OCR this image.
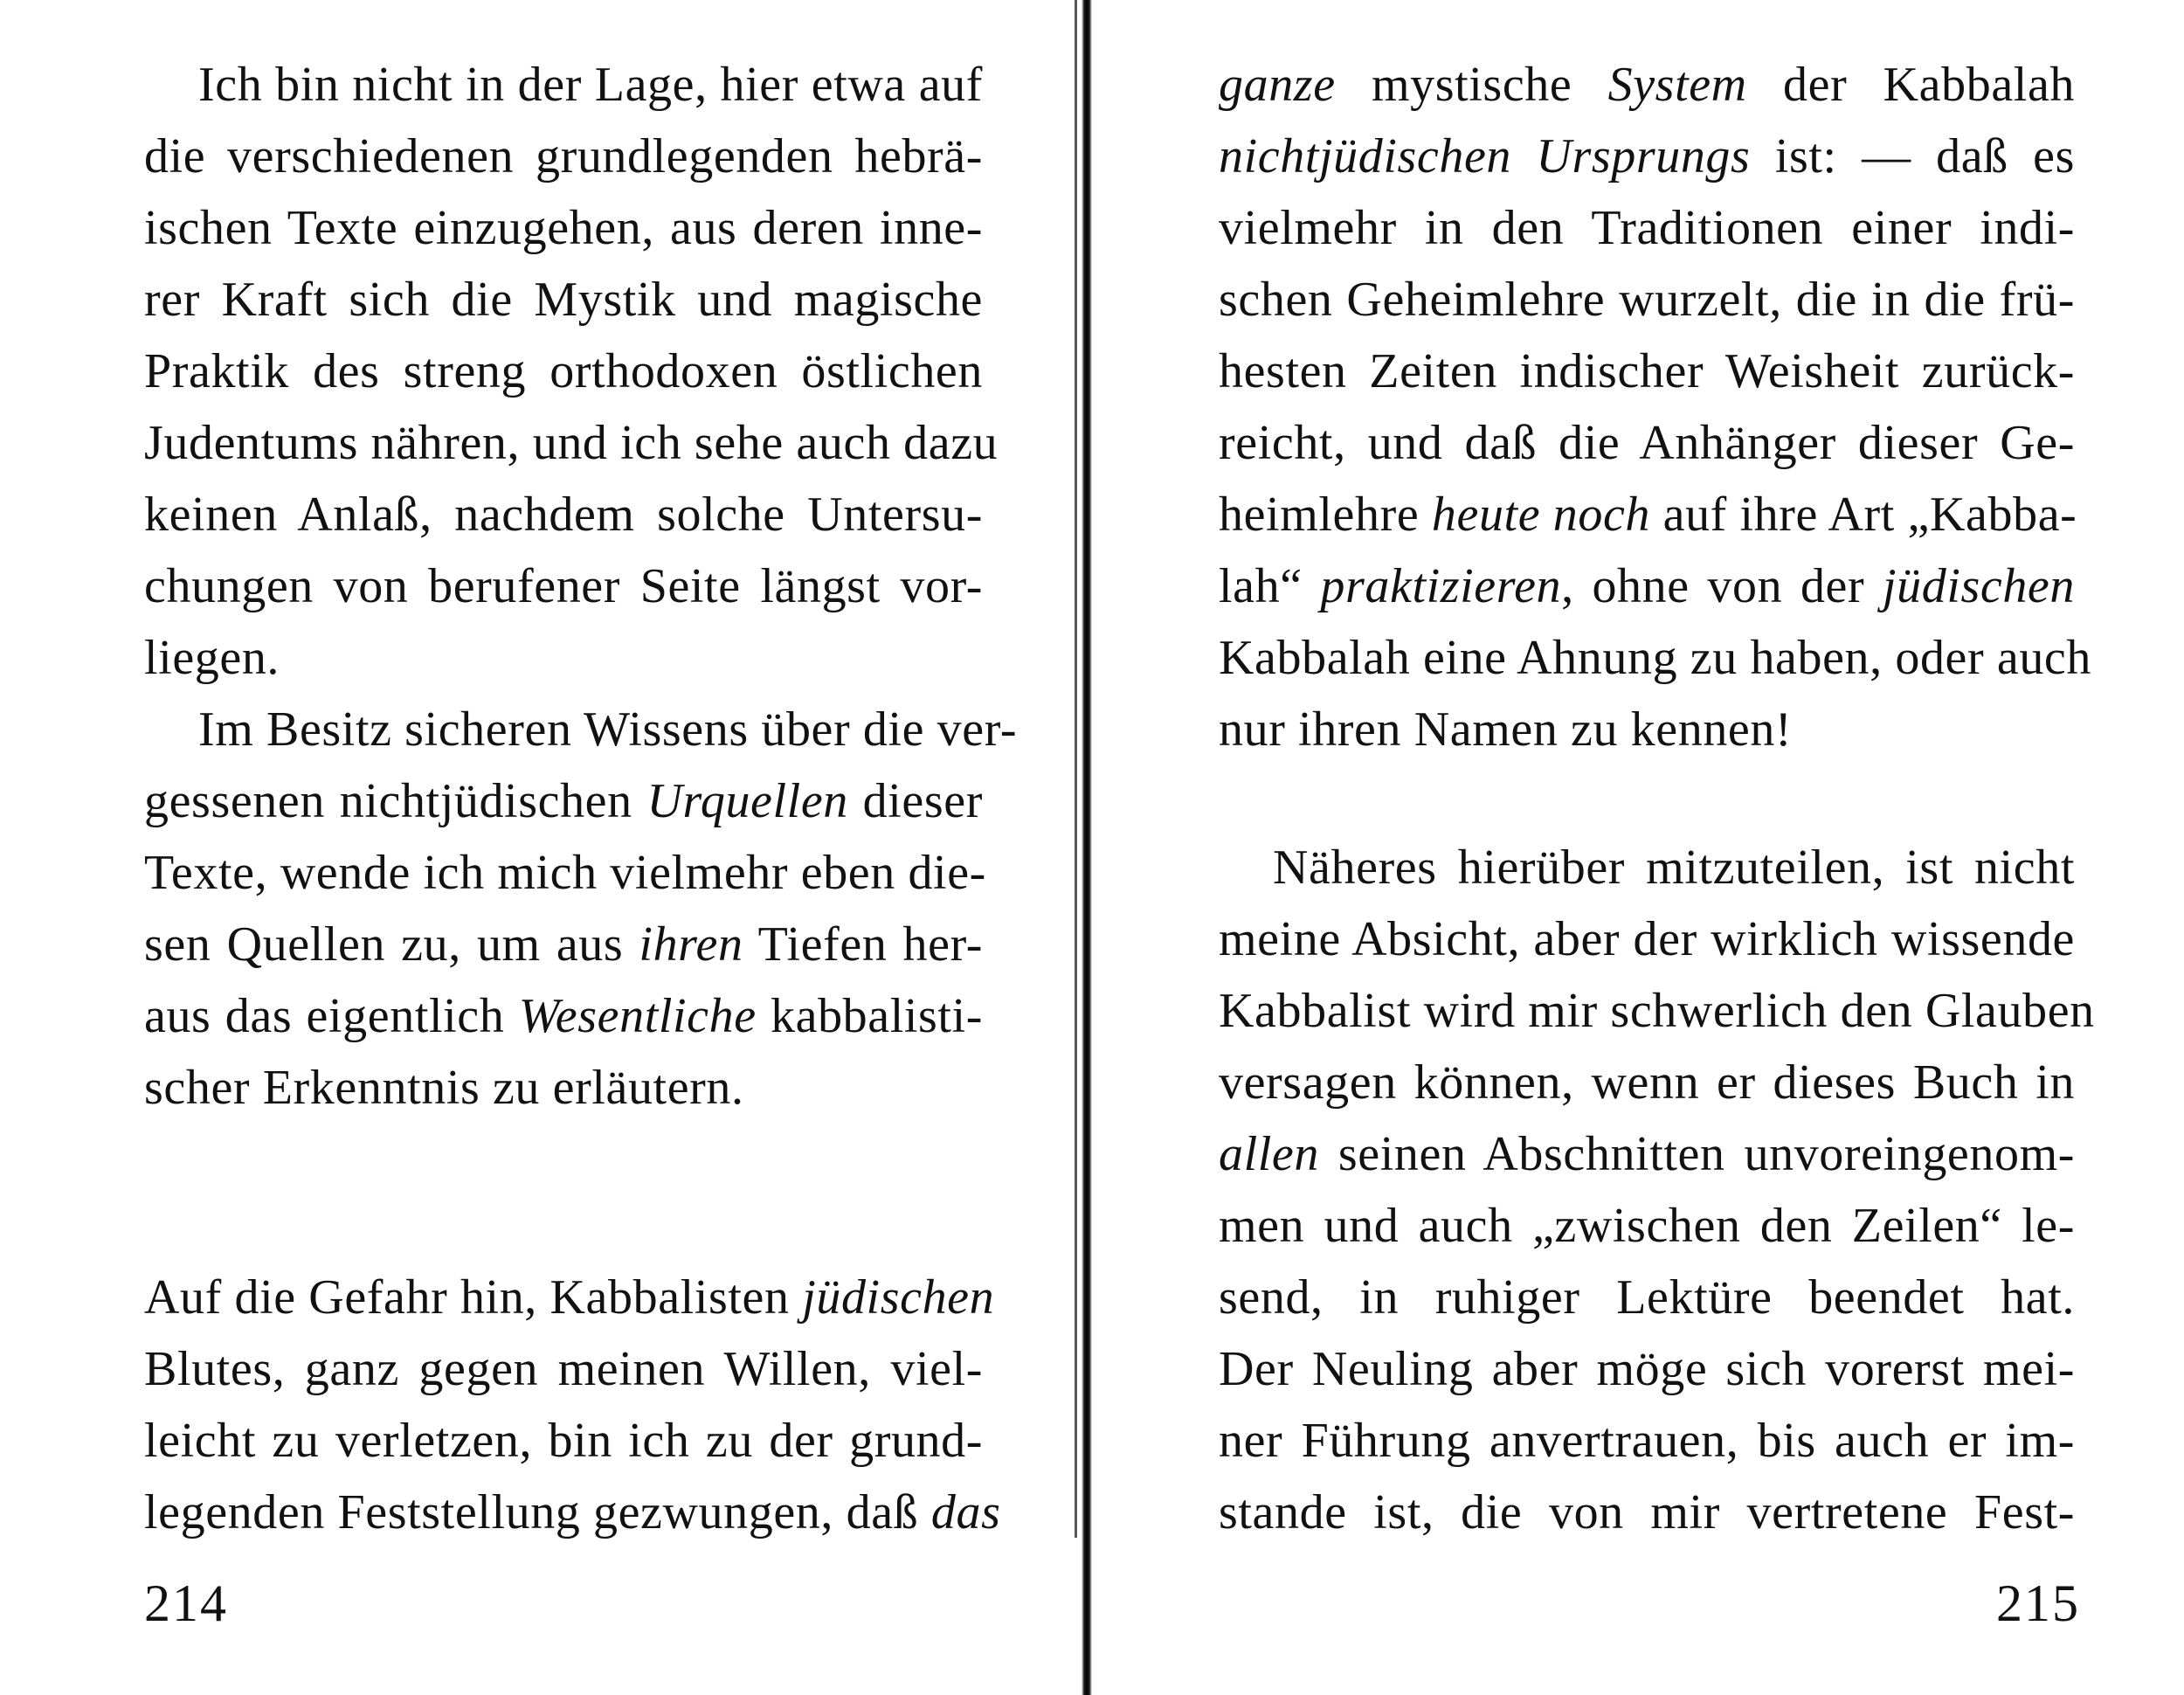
Ich bin nicht in der Lage, hier etwa auf
die verschiedenen grundlegenden hebrä-
ischen Texte einzugehen, aus deren inne-
rer Kraft sich die Mystik und magische
Praktik des streng orthodoxen östlichen
Judentums nähren, und ich sehe auch dazu
keinen Anlaß, nachdem solche Untersu-
chungen von berufener Seite längst vor-
liegen.
Im Besitz sicheren Wissens über die ver-
gessenen nichtjüdischen Urquellen dieser
Texte, wende ich mich vielmehr eben die-
sen Quellen zu, um aus ihren Tiefen her-
aus das eigentlich Wesentliche kabbalisti-
scher Erkenntnis zu erläutern.
Auf die Gefahr hin, Kabbalisten jüdischen
Blutes, ganz gegen meinen Willen, viel-
leicht zu verletzen, bin ich zu der grund-
legenden Feststellung gezwungen, daß das
214
ganze mystische System der Kabbalah
nichtjüdischen Ursprungs ist: — daß es
vielmehr in den Traditionen einer indi-
schen Geheimlehre wurzelt, die in die frü-
hesten Zeiten indischer Weisheit zurück-
reicht, und daß die Anhänger dieser Ge-
heimlehre heute noch auf ihre Art „Kabba-
lah“ praktizieren, ohne von der jüdischen
Kabbalah eine Ahnung zu haben, oder auch
nur ihren Namen zu kennen!
Näheres hierüber mitzuteilen, ist nicht
meine Absicht, aber der wirklich wissende
Kabbalist wird mir schwerlich den Glauben
versagen können, wenn er dieses Buch in
allen seinen Abschnitten unvoreingenom-
men und auch „zwischen den Zeilen“ le-
send, in ruhiger Lektüre beendet hat.
Der Neuling aber möge sich vorerst mei-
ner Führung anvertrauen, bis auch er im-
stande ist, die von mir vertretene Fest-
215
